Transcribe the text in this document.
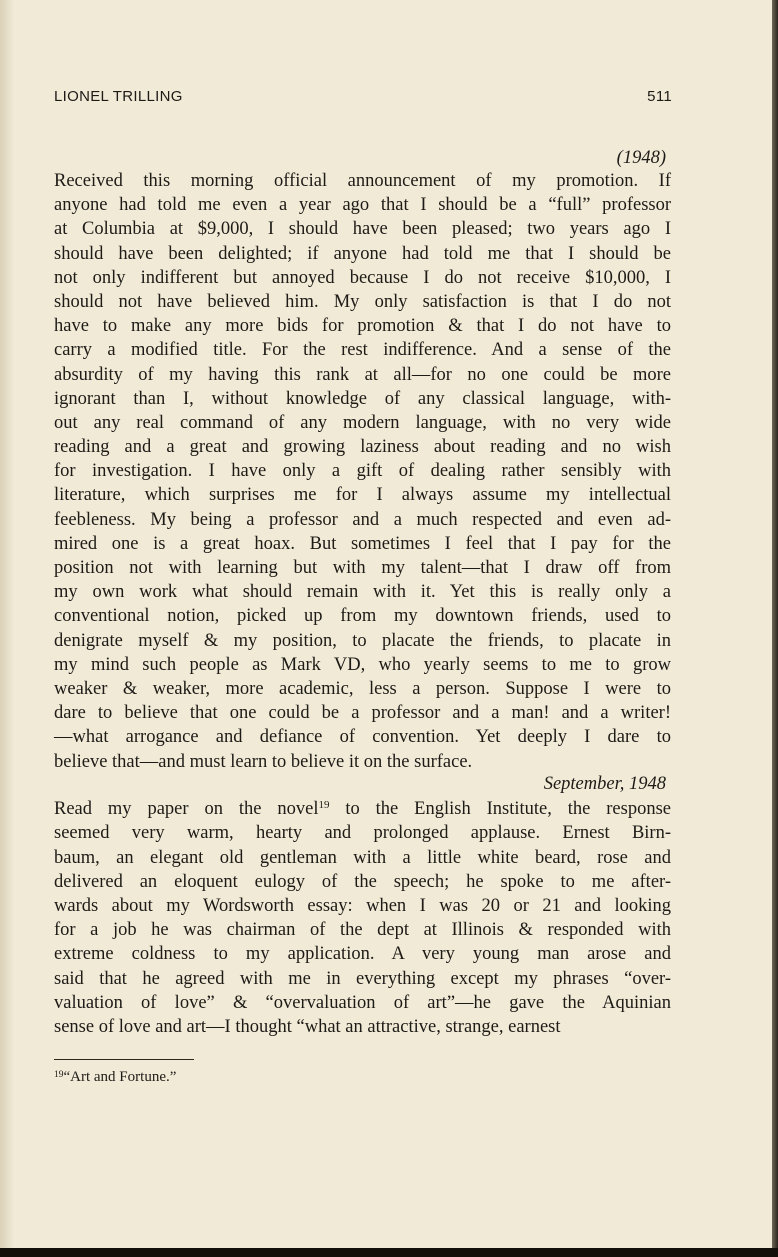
LIONEL TRILLING	511
(1948)
Received this morning official announcement of my promotion. If
anyone had told me even a year ago that I should be a “full” professor
at Columbia at $9,000, I should have been pleased; two years ago I
should have been delighted; if anyone had told me that I should be
not only indifferent but annoyed because I do not receive $10,000, I
should not have believed him. My only satisfaction is that I do not
have to make any more bids for promotion & that I do not have to
carry a modified title. For the rest indifference. And a sense of the
absurdity of my having this rank at all—for no one could be more
ignorant than I, without knowledge of any classical language, with-
out any real command of any modern language, with no very wide
reading and a great and growing laziness about reading and no wish
for investigation. I have only a gift of dealing rather sensibly with
literature, which surprises me for I always assume my intellectual
feebleness. My being a professor and a much respected and even ad-
mired one is a great hoax. But sometimes I feel that I pay for the
position not with learning but with my talent—that I draw off from
my own work what should remain with it. Yet this is really only a
conventional notion, picked up from my downtown friends, used to
denigrate myself & my position, to placate the friends, to placate in
my mind such people as Mark VD, who yearly seems to me to grow
weaker & weaker, more academic, less a person. Suppose I were to
dare to believe that one could be a professor and a man! and a writer!
—what arrogance and defiance of convention. Yet deeply I dare to
believe that—and must learn to believe it on the surface.
September, 1948
Read my paper on the novel$^{19}$ to the English Institute, the response
seemed very warm, hearty and prolonged applause. Ernest Birn-
baum, an elegant old gentleman with a little white beard, rose and
delivered an eloquent eulogy of the speech; he spoke to me after-
wards about my Wordsworth essay: when I was 20 or 21 and looking
for a job he was chairman of the dept at Illinois & responded with
extreme coldness to my application. A very young man arose and
said that he agreed with me in everything except my phrases “over-
valuation of love” & “overvaluation of art”—he gave the Aquinian
sense of love and art—I thought “what an attractive, strange, earnest
$^{19}$“Art and Fortune.”
